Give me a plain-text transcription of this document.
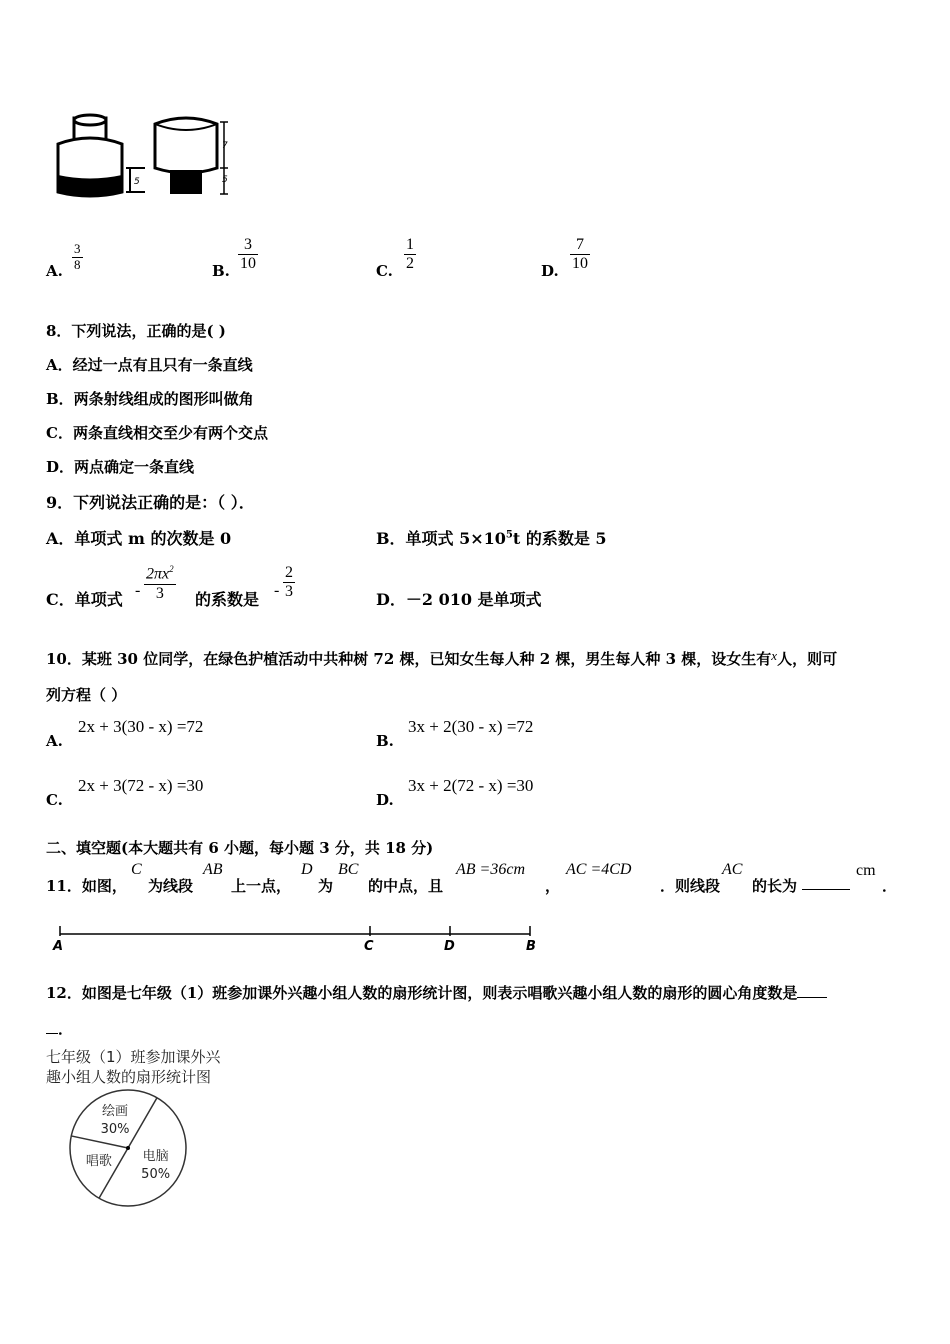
5
7
5
A.
3
8	B.
3
10	C.
1
2	D.
7
10
8．下列说法，正确的是( )
A．经过一点有且只有一条直线
B．两条射线组成的图形叫做角
C．两条直线相交至少有两个交点
D．两点确定一条直线
9．下列说法正确的是：（ ）．
A．单项式 m 的次数是 0	B．单项式 $5\times 10^5t$ 的系数是 5
C．单项式 -
$2\pi x^2$
3 的系数是 -
2
3	D．－2 010 是单项式
10．某班 30 位同学，在绿色护植活动中共种树 72 棵，已知女生每人种 2 棵，男生每人种 3 棵，设女生有x人，则可
列方程（ ）
A.
2x + 3(30 - x) =72
B.
3x + 2(30 - x) =72
C.
2x + 3(72 - x) =30
D.
3x + 2(72 - x) =30
二、填空题(本大题共有 6 小题，每小题 3 分，共 18 分)
11．如图，
C
为线段
AB
上一点，
D
为
BC
的中点，且
AB =36cm
，
AC =4CD
．则线段
AC
的长为
cm
．
A	C	D	B
12．如图是七年级（1）班参加课外兴趣小组人数的扇形统计图，则表示唱歌兴趣小组人数的扇形的圆心角度数是
．
七年级（1）班参加课外兴
趣小组人数的扇形统计图
电脑
50%
唱歌
绘画
30%
